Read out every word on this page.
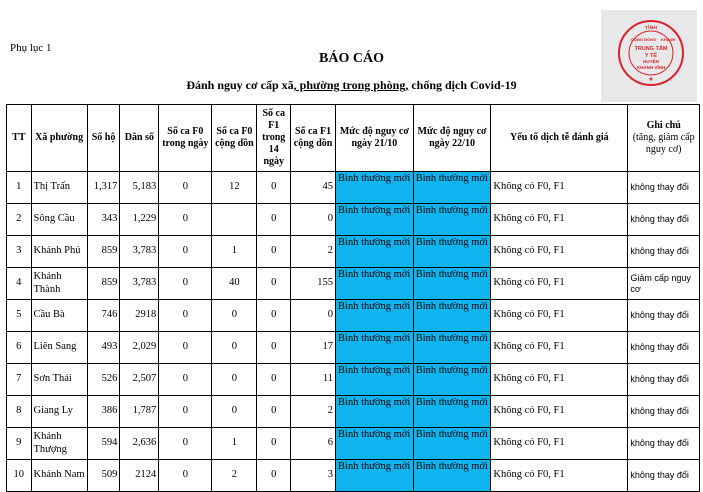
Phụ lục 1
BÁO CÁO
Đánh nguy cơ cấp xã, phường trong phòng, chống dịch Covid-19
TỈNH
CỘNG ĐỒNG KHÁNH
TRUNG TÂM
Y TẾ
HUYỆN
KHÁNH VĨNH
★
TT	Xã phường	Số hộ	Dân số	Số ca F0 trong ngày	Số ca F0 cộng dồn	Số ca F1 trong 14 ngày	Số ca F1 cộng dồn	Mức độ nguy cơ ngày 21/10	Mức độ nguy cơ ngày 22/10	Yếu tố dịch tễ đánh giá	Ghi chú
(tăng, giảm cấp nguy cơ)
1	Thị Trấn	1,317	5,183	0	12	0	45	Bình thường mới	Bình thường mới	Không có F0, F1	không thay đổi
2	Sông Cầu	343	1,229	0		0	0	Bình thường mới	Bình thường mới	Không có F0, F1	không thay đổi
3	Khánh Phú	859	3,783	0	1	0	2	Bình thường mới	Bình thường mới	Không có F0, F1	không thay đổi
4	Khánh Thành	859	3,783	0	40	0	155	Bình thường mới	Bình thường mới	Không có F0, F1	Giảm cấp nguy cơ
5	Cầu Bà	746	2918	0	0	0	0	Bình thường mới	Bình thường mới	Không có F0, F1	không thay đổi
6	Liên Sang	493	2,029	0	0	0	17	Bình thường mới	Bình thường mới	Không có F0, F1	không thay đổi
7	Sơn Thái	526	2,507	0	0	0	11	Bình thường mới	Bình thường mới	Không có F0, F1	không thay đổi
8	Giang Ly	386	1,787	0	0	0	2	Bình thường mới	Bình thường mới	Không có F0, F1	không thay đổi
9	Khánh Thượng	594	2,636	0	1	0	6	Bình thường mới	Bình thường mới	Không có F0, F1	không thay đổi
10	Khánh Nam	509	2124	0	2	0	3	Bình thường mới	Bình thường mới	Không có F0, F1	không thay đổi
